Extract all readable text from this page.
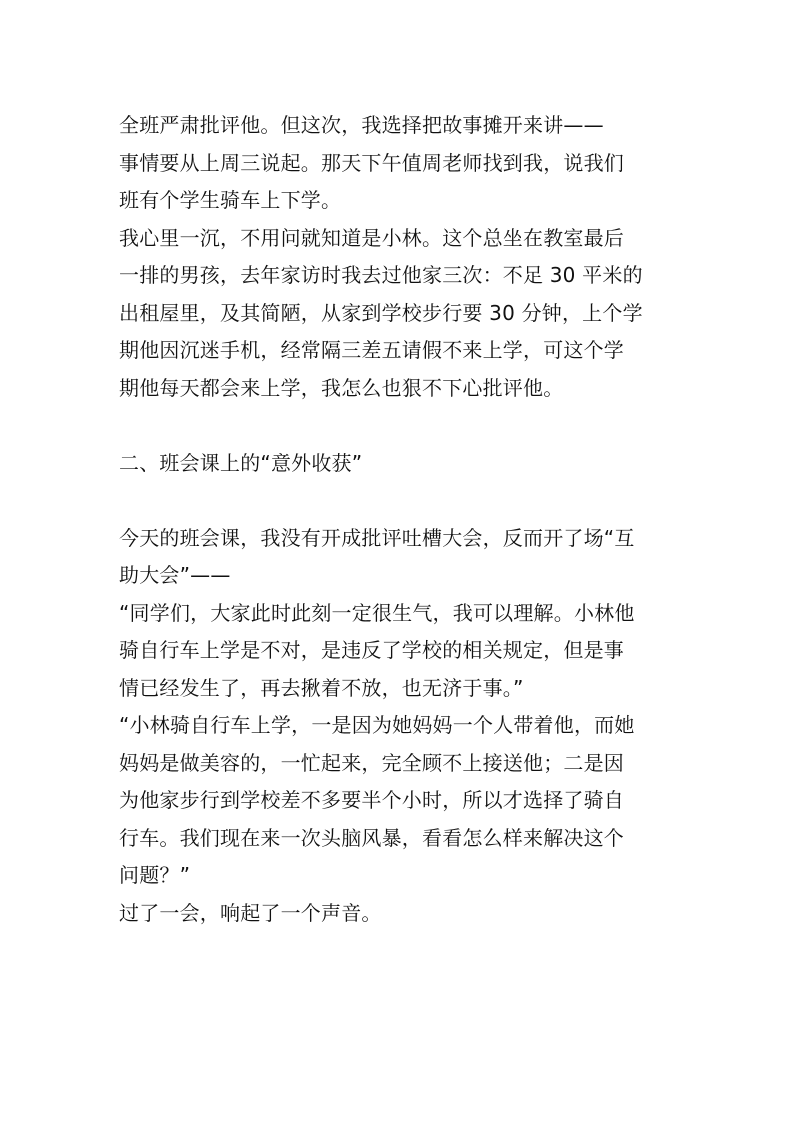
全班严肃批评他。但这次，我选择把故事摊开来讲——

事情要从上周三说起。那天下午值周老师找到我，说我们

班有个学生骑车上下学。

我心里一沉，不用问就知道是小林。这个总坐在教室最后

一排的男孩，去年家访时我去过他家三次：不足 30 平米的

出租屋里，及其简陋，从家到学校步行要 30 分钟，上个学

期他因沉迷手机，经常隔三差五请假不来上学，可这个学

期他每天都会来上学，我怎么也狠不下心批评他。

二、班会课上的“意外收获”

今天的班会课，我没有开成批评吐槽大会，反而开了场“互

助大会”——

“同学们，大家此时此刻一定很生气，我可以理解。小林他

骑自行车上学是不对，是违反了学校的相关规定，但是事

情已经发生了，再去揪着不放，也无济于事。”

“小林骑自行车上学，一是因为她妈妈一个人带着他，而她

妈妈是做美容的，一忙起来，完全顾不上接送他；二是因

为他家步行到学校差不多要半个小时，所以才选择了骑自

行车。我们现在来一次头脑风暴，看看怎么样来解决这个

问题？”

过了一会，响起了一个声音。
